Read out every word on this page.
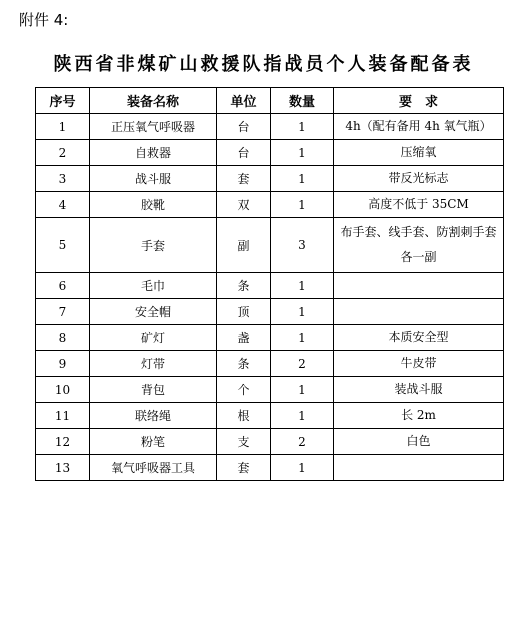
附件 4:
陕西省非煤矿山救援队指战员个人装备配备表
序号	装备名称	单位	数量	要　求
1	正压氧气呼吸器	台	1	4h（配有备用 4h 氧气瓶）
2	自救器	台	1	压缩氧
3	战斗服	套	1	带反光标志
4	胶靴	双	1	高度不低于 35CM
5	手套	副	3	布手套、线手套、防割刺手套各一副
6	毛巾	条	1	
7	安全帽	顶	1	
8	矿灯	盏	1	本质安全型
9	灯带	条	2	牛皮带
10	背包	个	1	装战斗服
11	联络绳	根	1	长 2m
12	粉笔	支	2	白色
13	氧气呼吸器工具	套	1	
